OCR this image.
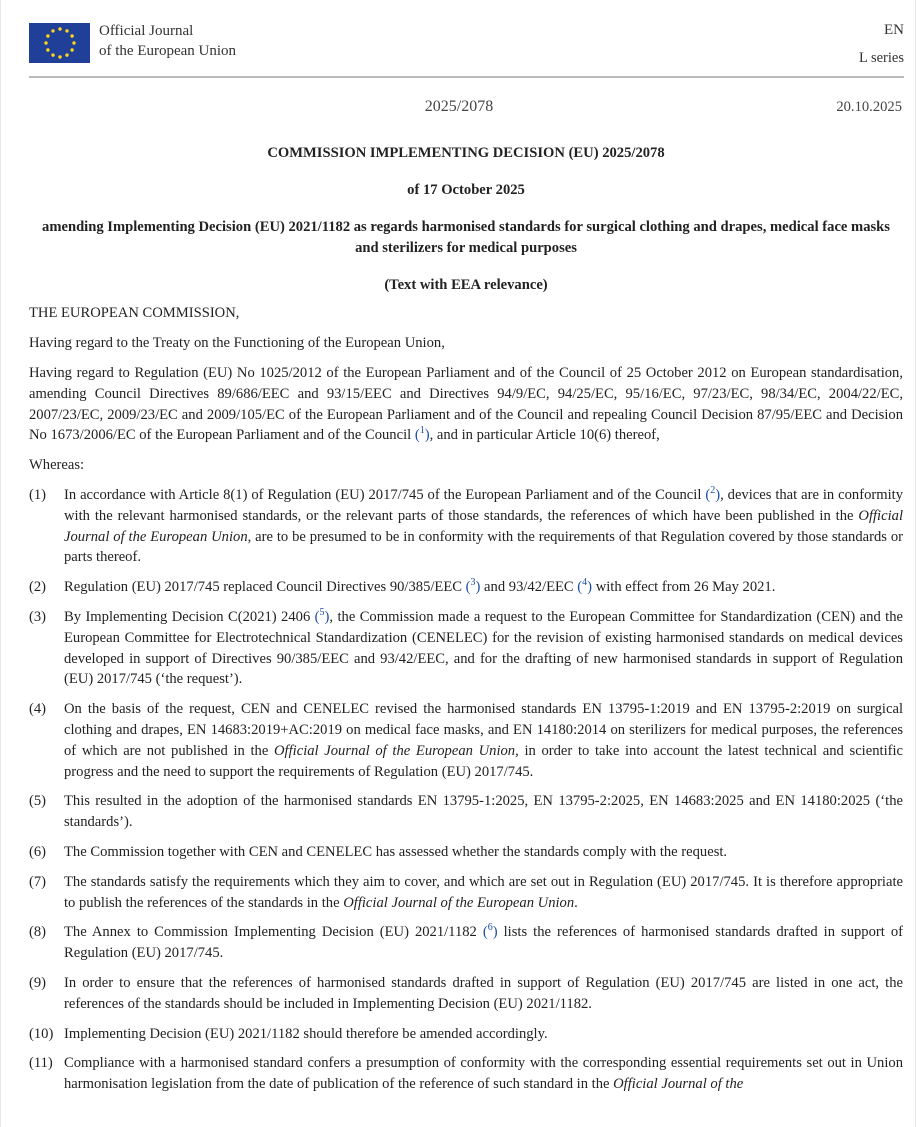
Official Journal
of the European Union
EN
L series
2025/2078	20.10.2025
COMMISSION IMPLEMENTING DECISION (EU) 2025/2078
of 17 October 2025
amending Implementing Decision (EU) 2021/1182 as regards harmonised standards for surgical clothing and drapes, medical face masks and sterilizers for medical purposes
(Text with EEA relevance)

THE EUROPEAN COMMISSION,

Having regard to the Treaty on the Functioning of the European Union,

Having regard to Regulation (EU) No 1025/2012 of the European Parliament and of the Council of 25 October 2012 on European standardisation, amending Council Directives 89/686/EEC and 93/15/EEC and Directives 94/9/EC, 94/25/EC, 95/16/EC, 97/23/EC, 98/34/EC, 2004/22/EC, 2007/23/EC, 2009/23/EC and 2009/105/EC of the European Parliament and of the Council and repealing Council Decision 87/95/EEC and Decision No 1673/2006/EC of the European Parliament and of the Council ($^1$), and in particular Article 10(6) thereof,

Whereas:

(1)	In accordance with Article 8(1) of Regulation (EU) 2017/745 of the European Parliament and of the Council ($^2$), devices that are in conformity with the relevant harmonised standards, or the relevant parts of those standards, the references of which have been published in the Official Journal of the European Union, are to be presumed to be in conformity with the requirements of that Regulation covered by those standards or parts thereof.
(2)	Regulation (EU) 2017/745 replaced Council Directives 90/385/EEC ($^3$) and 93/42/EEC ($^4$) with effect from 26 May 2021.
(3)	By Implementing Decision C(2021) 2406 ($^5$), the Commission made a request to the European Committee for Standardization (CEN) and the European Committee for Electrotechnical Standardization (CENELEC) for the revision of existing harmonised standards on medical devices developed in support of Directives 90/385/EEC and 93/42/EEC, and for the drafting of new harmonised standards in support of Regulation (EU) 2017/745 (‘the request’).
(4)	On the basis of the request, CEN and CENELEC revised the harmonised standards EN 13795-1:2019 and EN 13795-2:2019 on surgical clothing and drapes, EN 14683:2019+AC:2019 on medical face masks, and EN 14180:2014 on sterilizers for medical purposes, the references of which are not published in the Official Journal of the European Union, in order to take into account the latest technical and scientific progress and the need to support the requirements of Regulation (EU) 2017/745.
(5)	This resulted in the adoption of the harmonised standards EN 13795-1:2025, EN 13795-2:2025, EN 14683:2025 and EN 14180:2025 (‘the standards’).
(6)	The Commission together with CEN and CENELEC has assessed whether the standards comply with the request.
(7)	The standards satisfy the requirements which they aim to cover, and which are set out in Regulation (EU) 2017/745. It is therefore appropriate to publish the references of the standards in the Official Journal of the European Union.
(8)	The Annex to Commission Implementing Decision (EU) 2021/1182 ($^6$) lists the references of harmonised standards drafted in support of Regulation (EU) 2017/745.
(9)	In order to ensure that the references of harmonised standards drafted in support of Regulation (EU) 2017/745 are listed in one act, the references of the standards should be included in Implementing Decision (EU) 2021/1182.
(10) Implementing Decision (EU) 2021/1182 should therefore be amended accordingly.
(11) Compliance with a harmonised standard confers a presumption of conformity with the corresponding essential requirements set out in Union harmonisation legislation from the date of publication of the reference of such standard in the Official Journal of the
